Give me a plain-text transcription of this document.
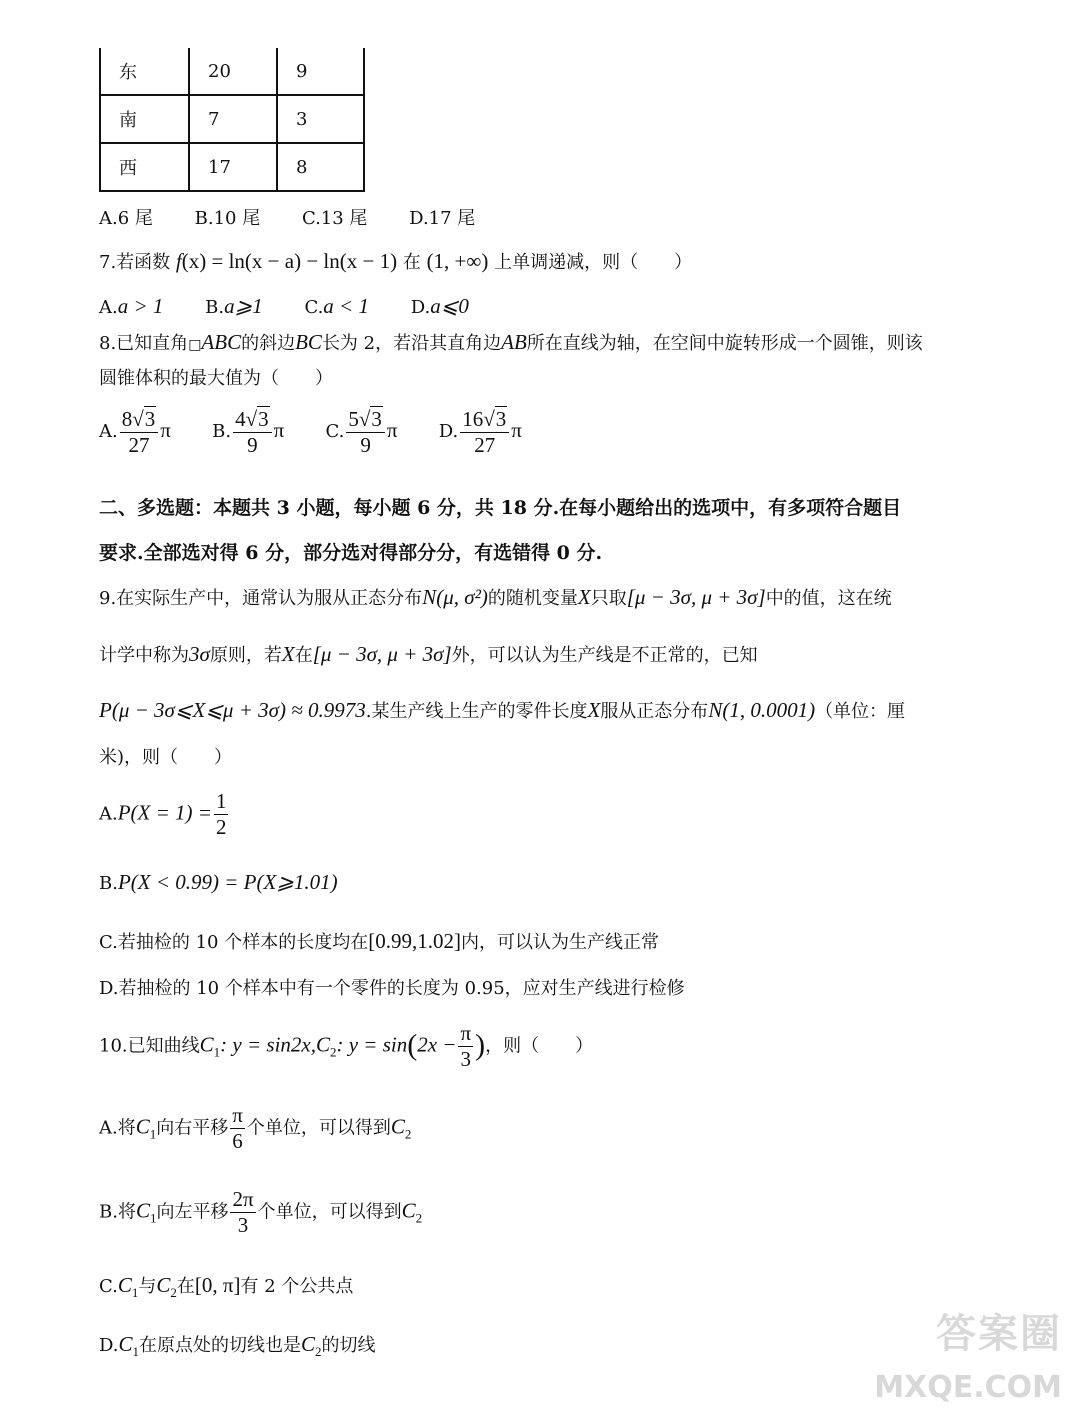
东	20	9
南	7	3
西	17	8
A.6 尾 B.10 尾 C.13 尾 D.17 尾
7.若函数 f(x) = ln(x − a) − ln(x − 1) 在 (1, +∞) 上单调递减，则（　　）
A.a > 1 B.a⩾1 C.a < 1 D.a⩽0
8.已知直角□ABC的斜边BC长为 2，若沿其直角边AB所在直线为轴，在空间中旋转形成一个圆锥，则该
圆锥体积的最大值为（　　）
A. $\frac{8√3}{27}$ π B. $\frac{4√3}{9}$ π C. $\frac{5√3}{9}$ π D. $\frac{16√3}{27}$ π
二、多选题：本题共 3 小题，每小题 6 分，共 18 分.在每小题给出的选项中，有多项符合题目
要求.全部选对得 6 分，部分选对得部分分，有选错得 0 分.
9.在实际生产中，通常认为服从正态分布N(μ, σ²)的随机变量X只取[μ − 3σ, μ + 3σ]中的值，这在统
计学中称为3σ原则，若X在[μ − 3σ, μ + 3σ]外，可以认为生产线是不正常的，已知
P(μ − 3σ⩽X⩽μ + 3σ) ≈ 0.9973.某生产线上生产的零件长度X服从正态分布N(1, 0.0001)（单位：厘
米)，则（　　）
$A.P(X = 1) = \frac{1}{2}$
B.P(X < 0.99) = P(X⩾1.01)
C.若抽检的 10 个样本的长度均在[0.99,1.02]内，可以认为生产线正常
D.若抽检的 10 个样本中有一个零件的长度为 0.95，应对生产线进行检修
10.已知曲线$C_1$: $y = \sin 2x,C_2$: $y = \sin(2x - \frac{\pi}{3}$ )，则（　　）
A.将$C_1$向右平移 $\frac{\pi}{6}$ 个单位，可以得到$C_2$
B.将$C_1$向左平移 $\frac{2\pi}{3}$ 个单位，可以得到$C_2$
$C.C_1$与$C_2$在[0, π]有 2 个公共点
$D.C_1$在原点处的切线也是$C_2$的切线	答案圈
MXQE.COM
